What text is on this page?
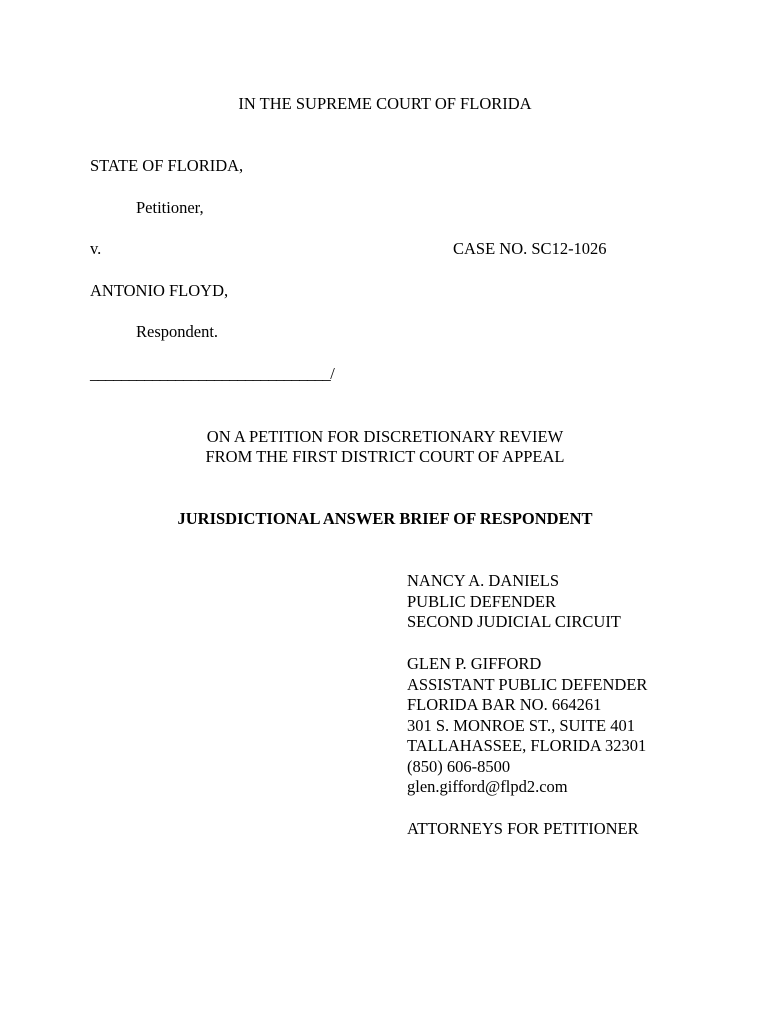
IN THE SUPREME COURT OF FLORIDA
STATE OF FLORIDA,
Petitioner,
v.	CASE NO. SC12-1026
ANTONIO FLOYD,
Respondent.
_______________________________/
ON A PETITION FOR DISCRETIONARY REVIEW
FROM THE FIRST DISTRICT COURT OF APPEAL
JURISDICTIONAL ANSWER BRIEF OF RESPONDENT
NANCY A. DANIELS
PUBLIC DEFENDER
SECOND JUDICIAL CIRCUIT
GLEN P. GIFFORD
ASSISTANT PUBLIC DEFENDER
FLORIDA BAR NO. 664261
301 S. MONROE ST., SUITE 401
TALLAHASSEE, FLORIDA 32301
(850) 606-8500
glen.gifford@flpd2.com
ATTORNEYS FOR PETITIONER
